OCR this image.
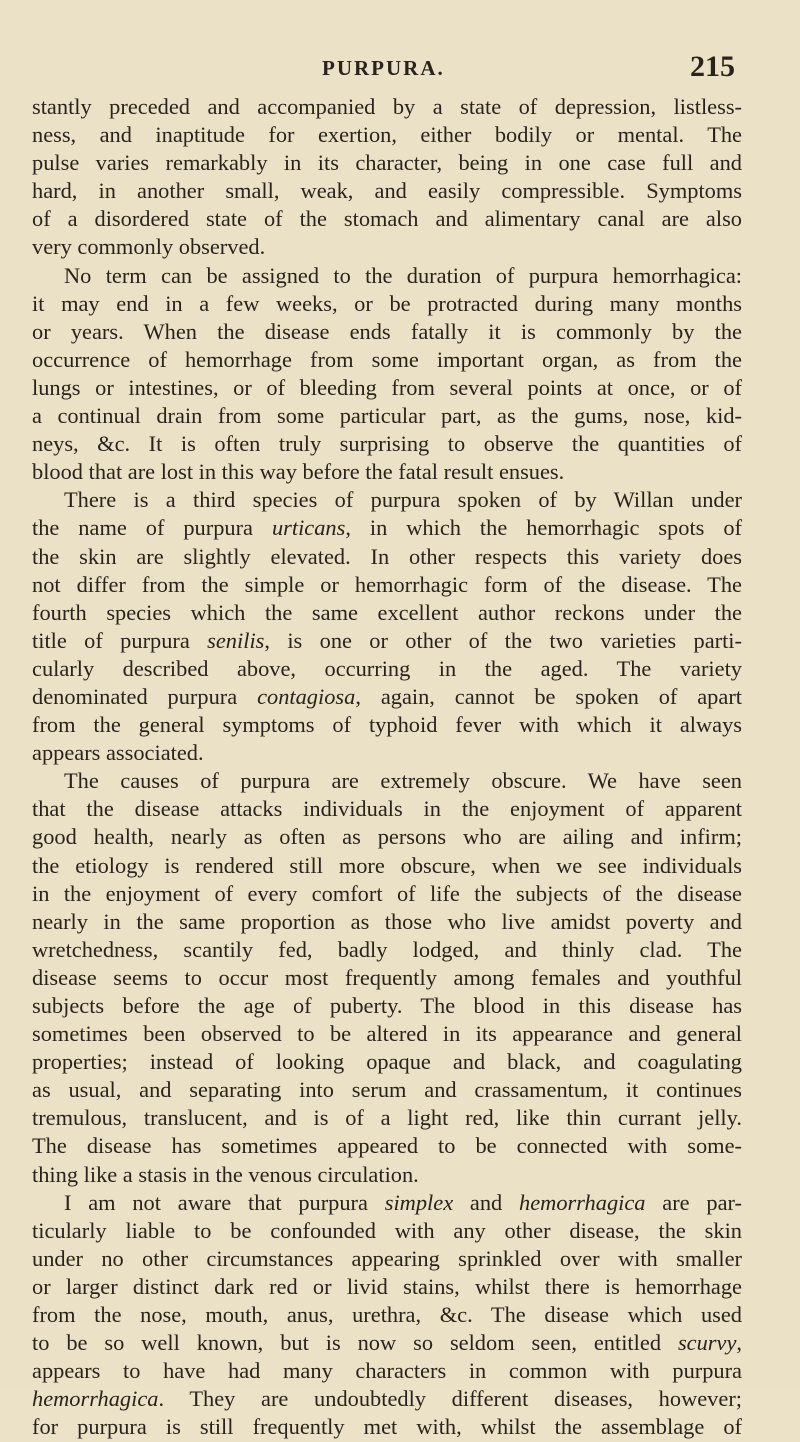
PURPURA.	215
stantly preceded and accompanied by a state of depression, listless-
ness, and inaptitude for exertion, either bodily or mental. The
pulse varies remarkably in its character, being in one case full and
hard, in another small, weak, and easily compressible. Symptoms
of a disordered state of the stomach and alimentary canal are also
very commonly observed.
No term can be assigned to the duration of purpura hemorrhagica:
it may end in a few weeks, or be protracted during many months
or years. When the disease ends fatally it is commonly by the
occurrence of hemorrhage from some important organ, as from the
lungs or intestines, or of bleeding from several points at once, or of
a continual drain from some particular part, as the gums, nose, kid-
neys, &c. It is often truly surprising to observe the quantities of
blood that are lost in this way before the fatal result ensues.
There is a third species of purpura spoken of by Willan under
the name of purpura urticans, in which the hemorrhagic spots of
the skin are slightly elevated. In other respects this variety does
not differ from the simple or hemorrhagic form of the disease. The
fourth species which the same excellent author reckons under the
title of purpura senilis, is one or other of the two varieties parti-
cularly described above, occurring in the aged. The variety
denominated purpura contagiosa, again, cannot be spoken of apart
from the general symptoms of typhoid fever with which it always
appears associated.
The causes of purpura are extremely obscure. We have seen
that the disease attacks individuals in the enjoyment of apparent
good health, nearly as often as persons who are ailing and infirm;
the etiology is rendered still more obscure, when we see individuals
in the enjoyment of every comfort of life the subjects of the disease
nearly in the same proportion as those who live amidst poverty and
wretchedness, scantily fed, badly lodged, and thinly clad. The
disease seems to occur most frequently among females and youthful
subjects before the age of puberty. The blood in this disease has
sometimes been observed to be altered in its appearance and general
properties; instead of looking opaque and black, and coagulating
as usual, and separating into serum and crassamentum, it continues
tremulous, translucent, and is of a light red, like thin currant jelly.
The disease has sometimes appeared to be connected with some-
thing like a stasis in the venous circulation.
I am not aware that purpura simplex and hemorrhagica are par-
ticularly liable to be confounded with any other disease, the skin
under no other circumstances appearing sprinkled over with smaller
or larger distinct dark red or livid stains, whilst there is hemorrhage
from the nose, mouth, anus, urethra, &c. The disease which used
to be so well known, but is now so seldom seen, entitled scurvy,
appears to have had many characters in common with purpura
hemorrhagica. They are undoubtedly different diseases, however;
for purpura is still frequently met with, whilst the assemblage of
